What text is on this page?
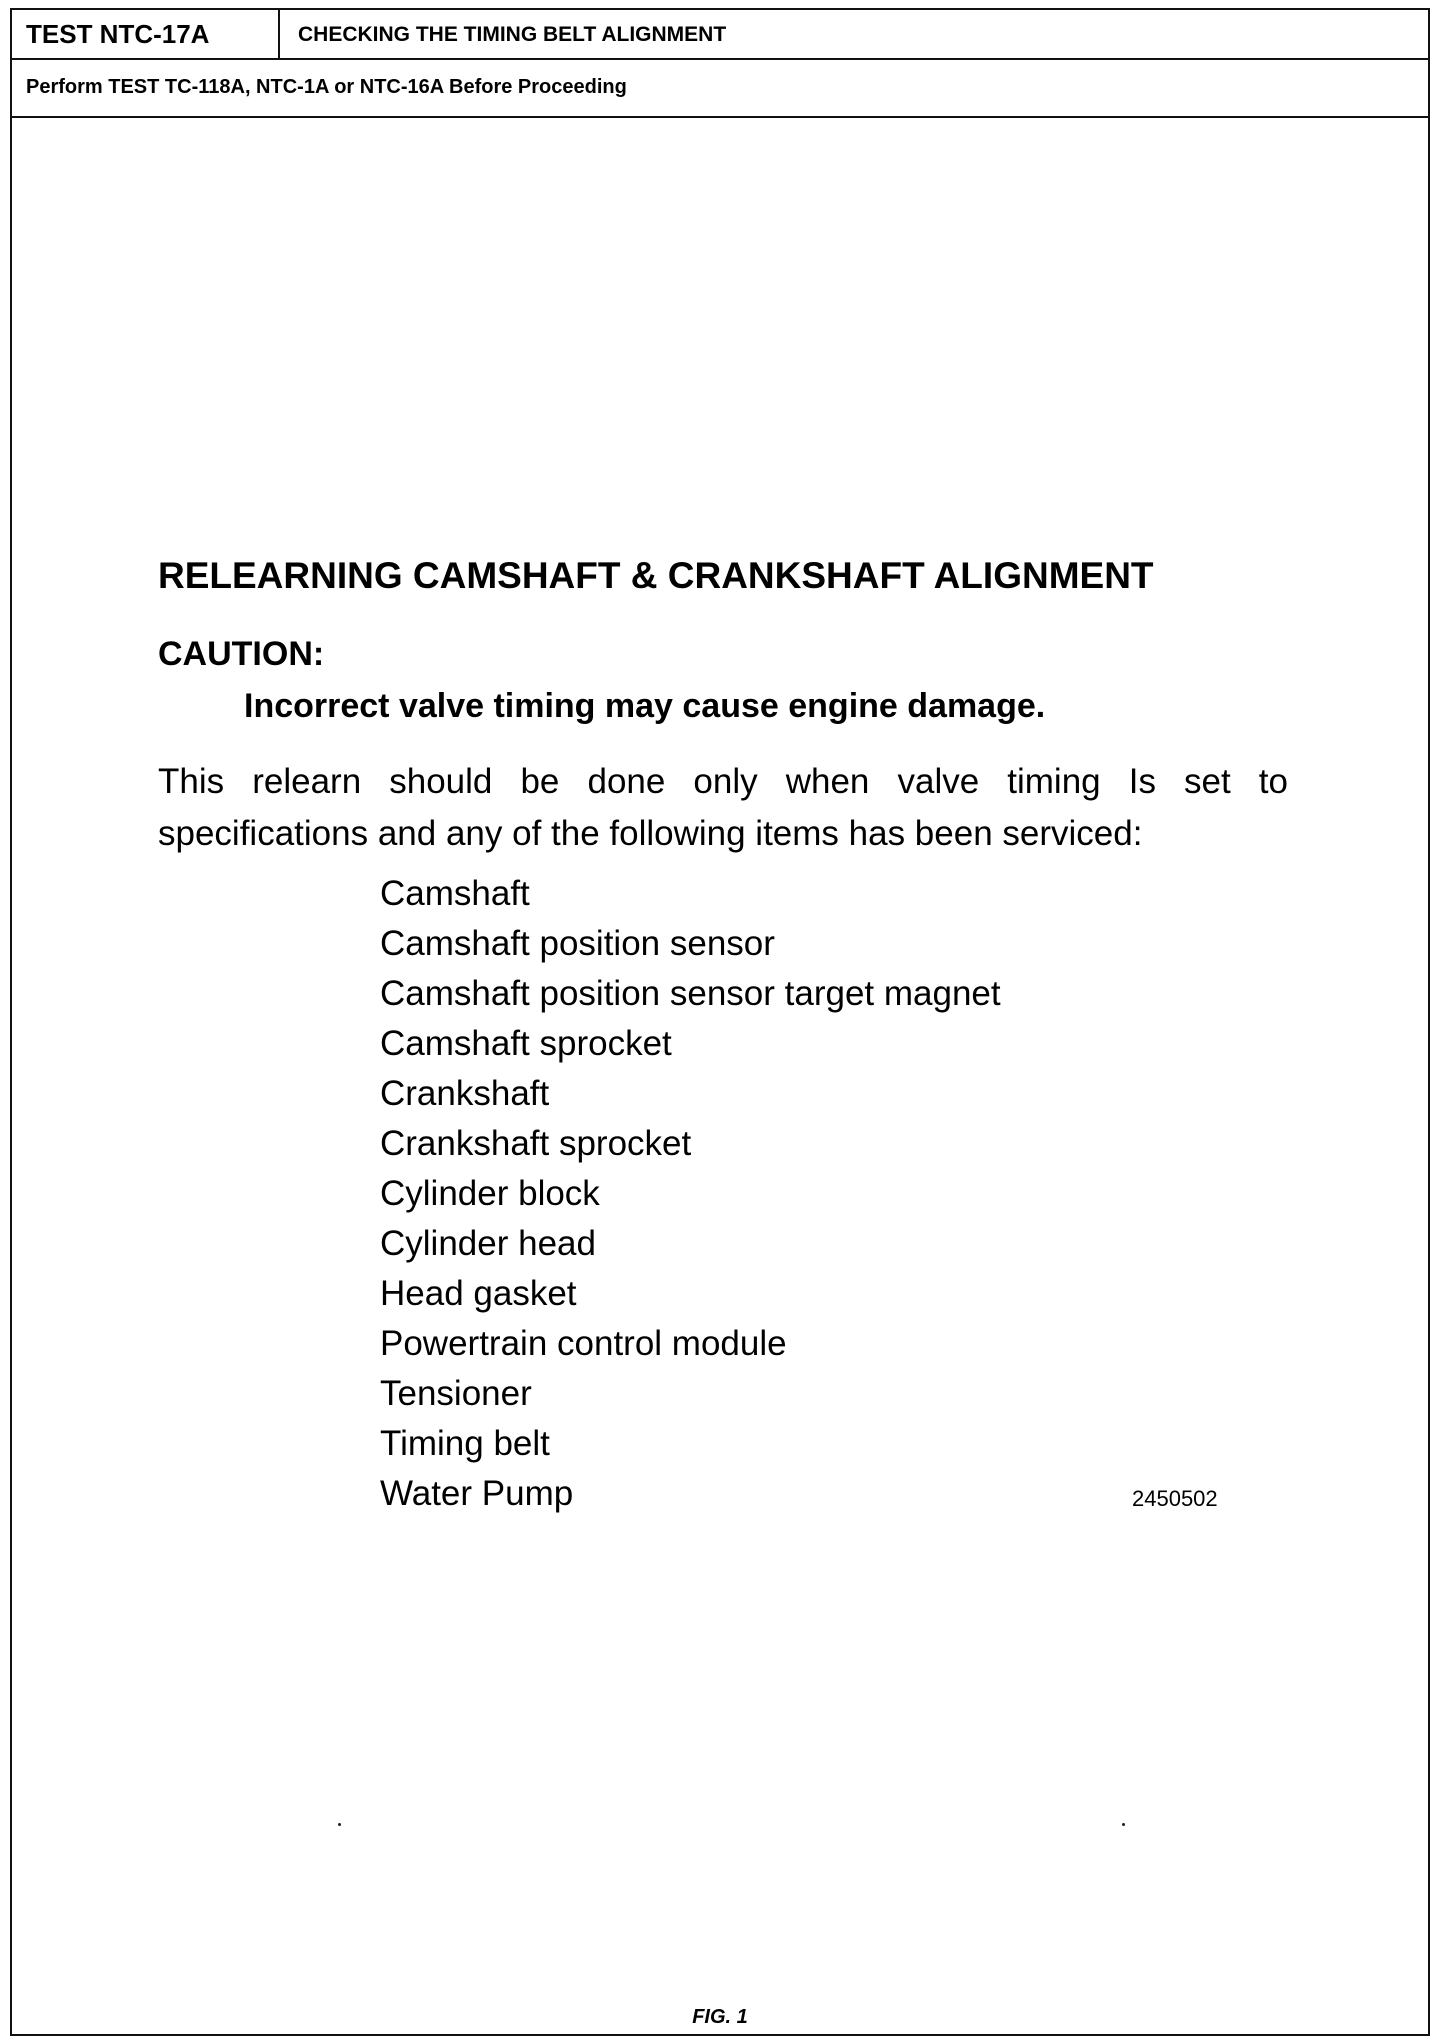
TEST NTC-17A	CHECKING THE TIMING BELT ALIGNMENT
Perform TEST TC-118A, NTC-1A or NTC-16A Before Proceeding
RELEARNING CAMSHAFT & CRANKSHAFT ALIGNMENT
CAUTION:
Incorrect valve timing may cause engine damage.
This relearn should be done only when valve timing Is set to specifications and any of the following items has been serviced:
Camshaft
Camshaft position sensor
Camshaft position sensor target magnet
Camshaft sprocket
Crankshaft
Crankshaft sprocket
Cylinder block
Cylinder head
Head gasket
Powertrain control module
Tensioner
Timing belt
Water Pump	2450502
FIG. 1
